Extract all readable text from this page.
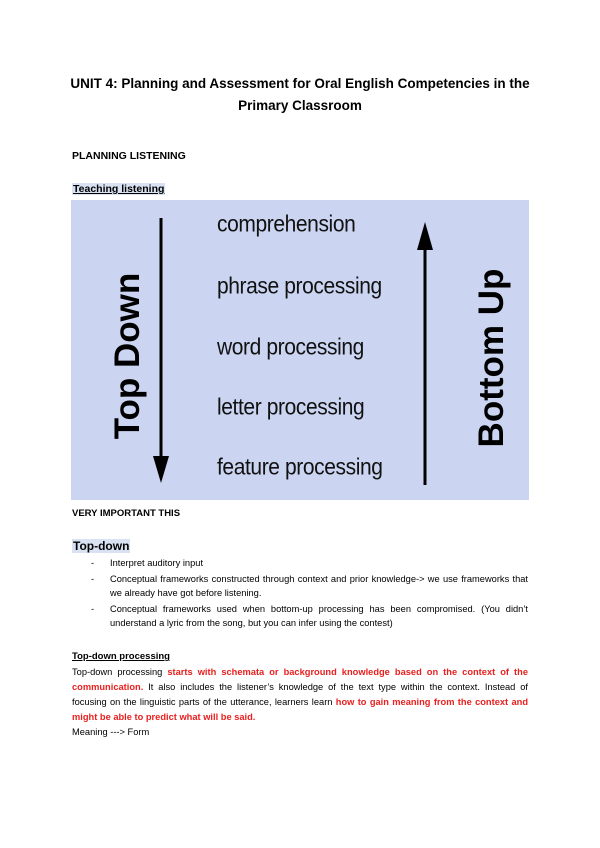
UNIT 4: Planning and Assessment for Oral English Competencies in the Primary Classroom
PLANNING LISTENING
Teaching listening
Top Down	Bottom Up
comprehension
phrase processing
word processing
letter processing
feature processing
VERY IMPORTANT THIS
Top-down
- Interpret auditory input
- Conceptual frameworks constructed through context and prior knowledge-> we use frameworks that we already have got before listening.
- Conceptual frameworks used when bottom-up processing has been compromised. (You didn’t understand a lyric from the song, but you can infer using the contest)
Top-down processing
Top-down processing starts with schemata or background knowledge based on the context of the communication. It also includes the listener’s knowledge of the text type within the context. Instead of focusing on the linguistic parts of the utterance, learners learn how to gain meaning from the context and might be able to predict what will be said.
Meaning ---> Form
